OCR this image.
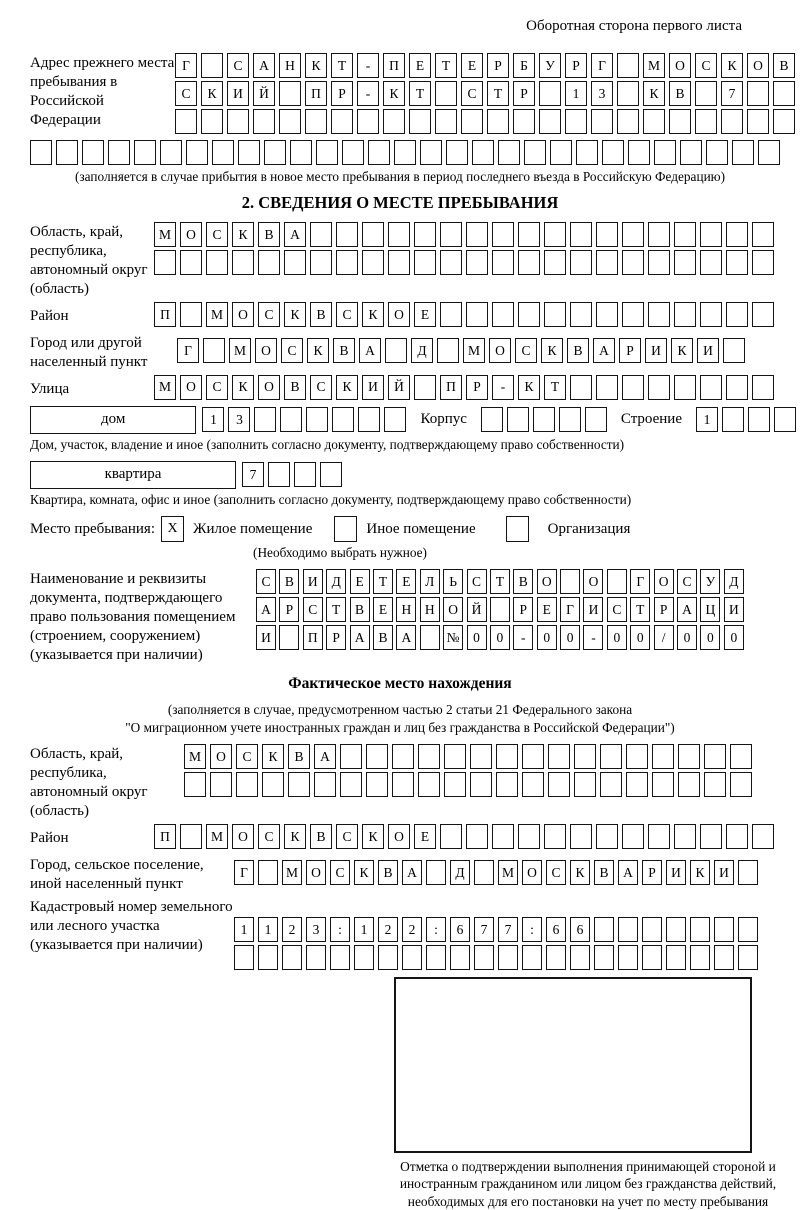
Оборотная сторона первого листа
Адрес прежнего места пребывания в Российской Федерации
Г	С	А	Н	К	Т	-	П	Е	Т	Е	Р	Б	У	Р	Г	М	О	С	К	О	В
С	К	И	Й	П	Р	-	К	Т	С	Т	Р	1	3	К	В	7
(заполняется в случае прибытия в новое место пребывания в период последнего въезда в Российскую Федерацию)
2. СВЕДЕНИЯ О МЕСТЕ ПРЕБЫВАНИЯ
Область, край, республика, автономный округ (область)
М	О	С	К	В	А
Район	П	М	О	С	К	В	С	К	О	Е
Город или другой населенный пункт
Г	М	О	С	К	В	А	Д	М	О	С	К	В	А	Р	И	К	И
Улица	М	О	С	К	О	В	С	К	И	Й	П	Р	-	К	Т
дом	1	3	Корпус	Строение	1
Дом, участок, владение и иное (заполнить согласно документу, подтверждающему право собственности)
квартира	7
Квартира, комната, офис и иное (заполнить согласно документу, подтверждающему право собственности)
Место пребывания: X	Жилое помещение	Иное помещение	Организация
(Необходимо выбрать нужное)
Наименование и реквизиты документа, подтверждающего право пользования помещением (строением, сооружением) (указывается при наличии)
С	В	И	Д	Е	Т	Е	Л	Ь	С	Т	В	О	О	Г	О	С	У	Д
А	Р	С	Т	В	Е	Н	Н	О	Й	Р	Е	Г	И	С	Т	Р	А	Ц	И
И	П	Р	А	В	А	№	0	0	-	0	0	-	0	0	/	0	0	0
Фактическое место нахождения
(заполняется в случае, предусмотренном частью 2 статьи 21 Федерального закона
"О миграционном учете иностранных граждан и лиц без гражданства в Российской Федерации")
Область, край, республика, автономный округ (область)
М	О	С	К	В	А
Район	П	М	О	С	К	В	С	К	О	Е
Город, сельское поселение, иной населенный пункт
Г	М О	С	К	В	А	Д	М О	С	К	В	А	Р	И	К	И
Кадастровый номер земельного или лесного участка (указывается при наличии)
1	1	2	3	:	1	2	2	:	6	7	7	:	6	6
Отметка о подтверждении выполнения принимающей стороной и иностранным гражданином или лицом без гражданства действий, необходимых для его постановки на учет по месту пребывания
